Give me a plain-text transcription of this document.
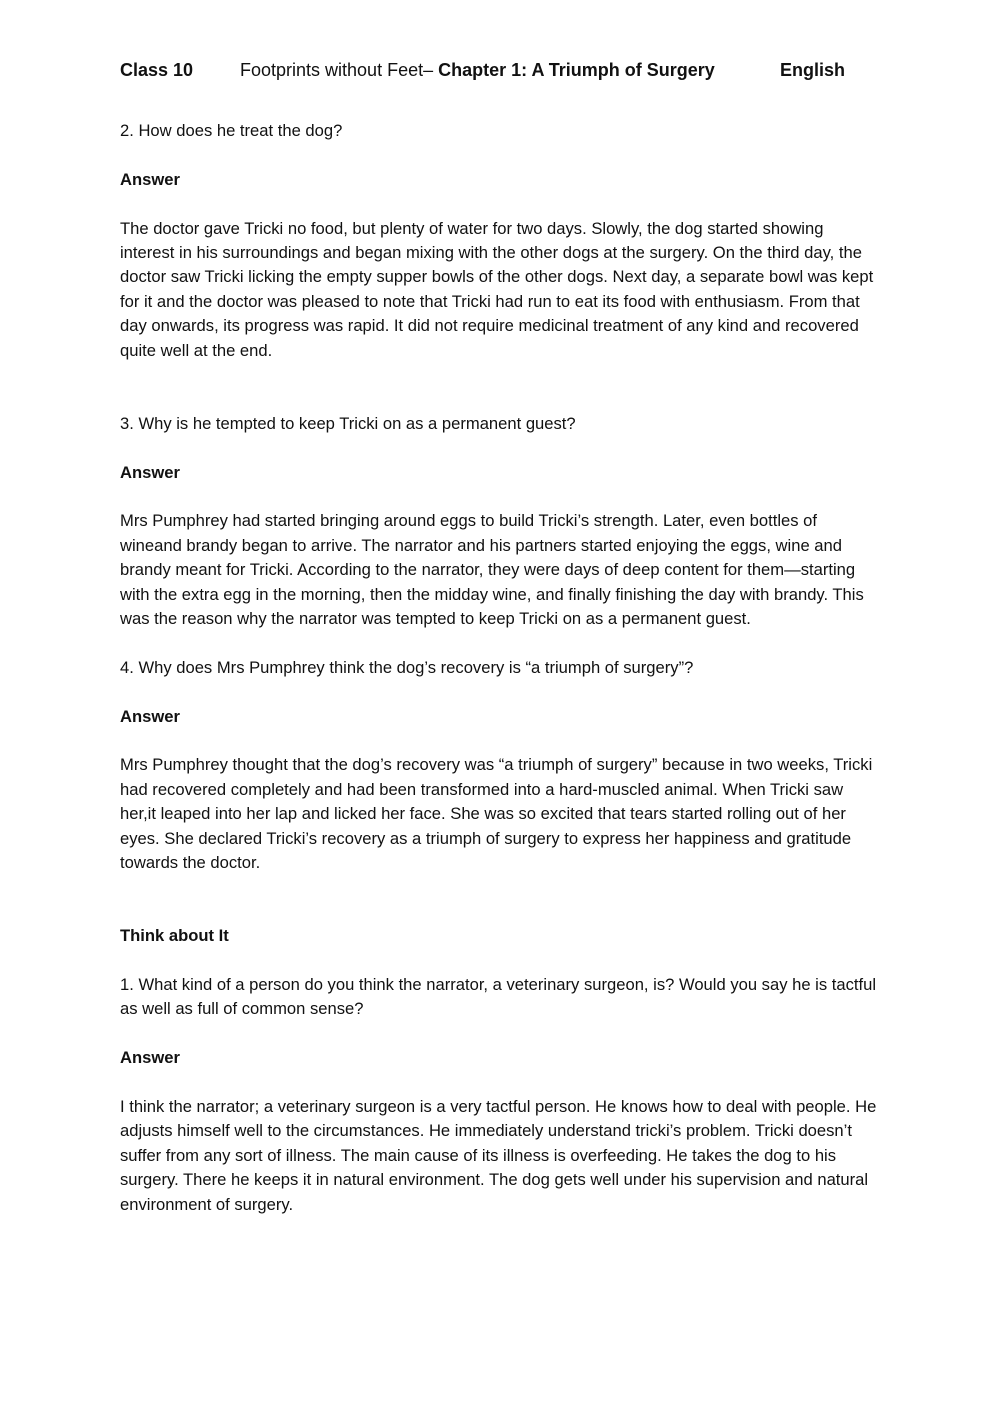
Class 10	Footprints without Feet– Chapter 1: A Triumph of Surgery	English

2. How does he treat the dog?

Answer

The doctor gave Tricki no food, but plenty of water for two days. Slowly, the dog started showing interest in his surroundings and began mixing with the other dogs at the surgery. On the third day, the doctor saw Tricki licking the empty supper bowls of the other dogs. Next day, a separate bowl was kept for it and the doctor was pleased to note that Tricki had run to eat its food with enthusiasm. From that day onwards, its progress was rapid. It did not require medicinal treatment of any kind and recovered quite well at the end.

3. Why is he tempted to keep Tricki on as a permanent guest?

Answer

Mrs Pumphrey had started bringing around eggs to build Tricki’s strength. Later, even bottles of wineand brandy began to arrive. The narrator and his partners started enjoying the eggs, wine and brandy meant for Tricki. According to the narrator, they were days of deep content for them—starting with the extra egg in the morning, then the midday wine, and finally finishing the day with brandy. This was the reason why the narrator was tempted to keep Tricki on as a permanent guest.

4. Why does Mrs Pumphrey think the dog’s recovery is “a triumph of surgery”?

Answer

Mrs Pumphrey thought that the dog’s recovery was “a triumph of surgery” because in two weeks, Tricki had recovered completely and had been transformed into a hard-muscled animal. When Tricki saw her,it leaped into her lap and licked her face. She was so excited that tears started rolling out of her eyes. She declared Tricki’s recovery as a triumph of surgery to express her happiness and gratitude towards the doctor.

Think about It

1. What kind of a person do you think the narrator, a veterinary surgeon, is? Would you say he is tactful as well as full of common sense?

Answer

I think the narrator; a veterinary surgeon is a very tactful person. He knows how to deal with people. He adjusts himself well to the circumstances. He immediately understand tricki’s problem. Tricki doesn’t suffer from any sort of illness. The main cause of its illness is overfeeding. He takes the dog to his surgery. There he keeps it in natural environment. The dog gets well under his supervision and natural environment of surgery.
